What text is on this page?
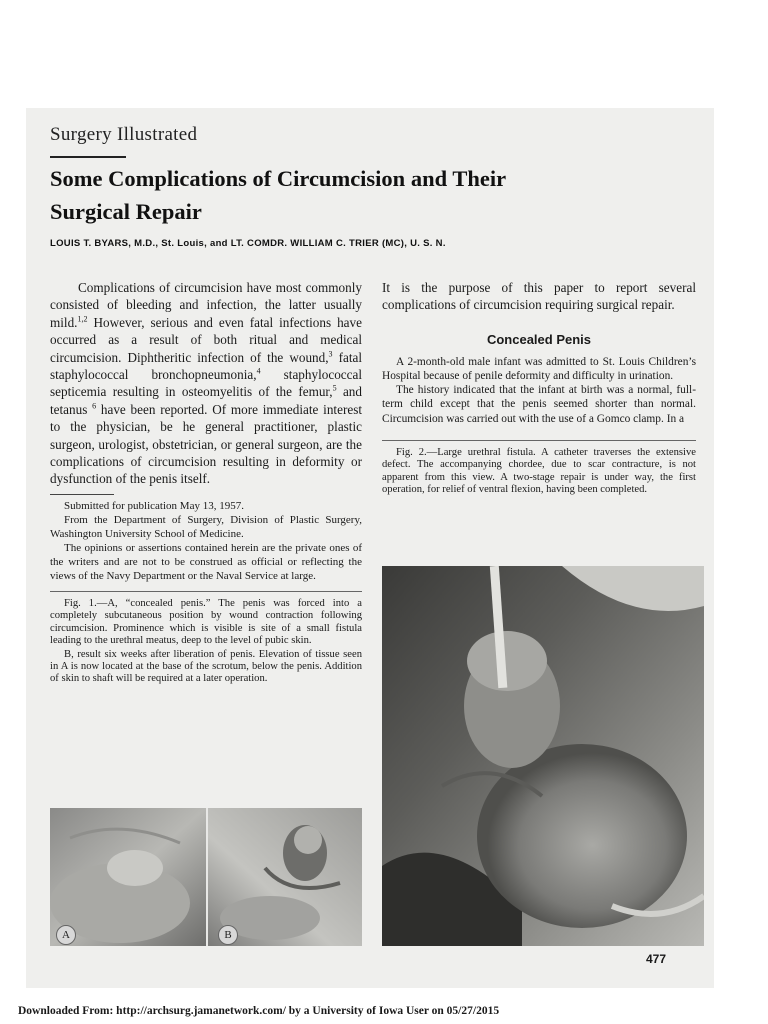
Surgery Illustrated
Some Complications of Circumcision and Their
Surgical Repair
LOUIS T. BYARS, M.D., St. Louis, and LT. COMDR. WILLIAM C. TRIER (MC), U. S. N.

Complications of circumcision have most commonly consisted of bleeding and infection, the latter usually mild.$^{1,2}$ However, serious and even fatal infections have occurred as a result of both ritual and medical circumcision. Diphtheritic infection of the wound,$^3$ fatal staphylococcal bronchopneumonia,$^4$ staphylococcal septicemia resulting in osteomyelitis of the femur,$^5$ and tetanus $^6$ have been reported. Of more immediate interest to the physician, be he general practitioner, plastic surgeon, urologist, obstetrician, or general surgeon, are the complications of circumcision resulting in deformity or dysfunction of the penis itself.

Submitted for publication May 13, 1957.

From the Department of Surgery, Division of Plastic Surgery, Washington University School of Medicine.

The opinions or assertions contained herein are the private ones of the writers and are not to be construed as official or reflecting the views of the Navy Department or the Naval Service at large.

Fig. 1.—A, “concealed penis.” The penis was forced into a completely subcutaneous position by wound contraction following circumcision. Prominence which is visible is site of a small fistula leading to the urethral meatus, deep to the level of pubic skin.

B, result six weeks after liberation of penis. Elevation of tissue seen in A is now located at the base of the scrotum, below the penis. Addition of skin to shaft will be required at a later operation.

A	B

It is the purpose of this paper to report several complications of circumcision requiring surgical repair.

Concealed Penis

A 2-month-old male infant was admitted to St. Louis Children’s Hospital because of penile deformity and difficulty in urination.

The history indicated that the infant at birth was a normal, full-term child except that the penis seemed shorter than normal. Circumcision was carried out with the use of a Gomco clamp. In a

Fig. 2.—Large urethral fistula. A catheter traverses the extensive defect. The accompanying chordee, due to scar contracture, is not apparent from this view. A two-stage repair is under way, the first operation, for relief of ventral flexion, having been completed.

477
Downloaded From: http://archsurg.jamanetwork.com/ by a University of Iowa User on 05/27/2015
